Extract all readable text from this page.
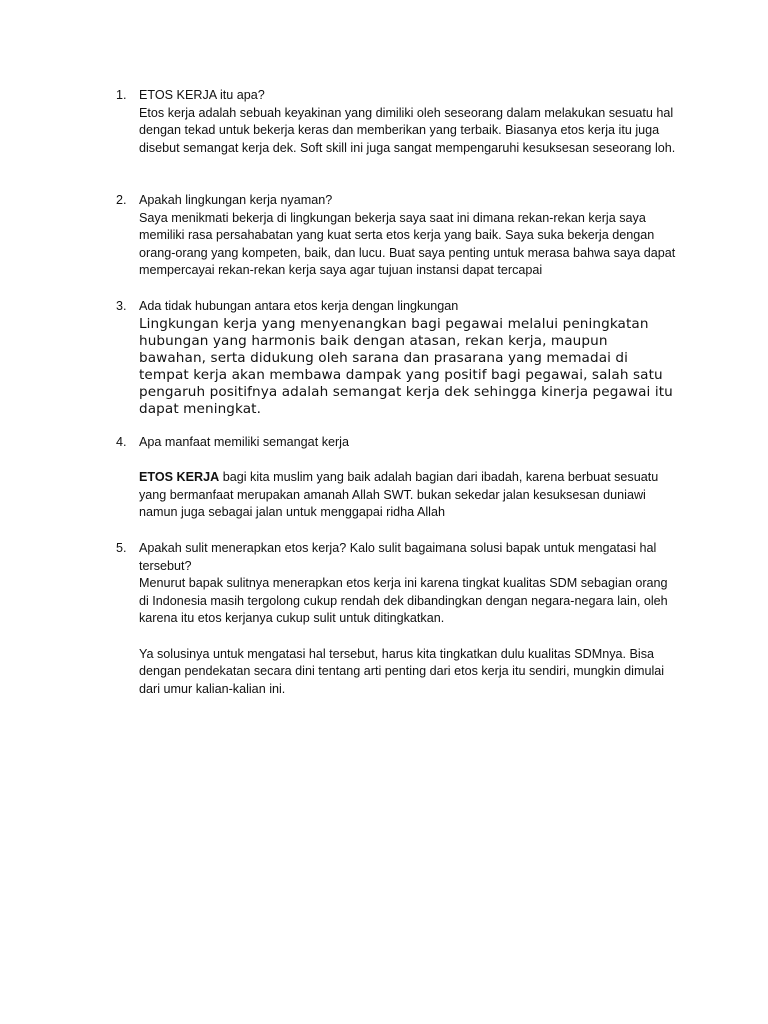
1. ETOS KERJA itu apa?

Etos kerja adalah sebuah keyakinan yang dimiliki oleh seseorang dalam melakukan sesuatu hal dengan tekad untuk bekerja keras dan memberikan yang terbaik. Biasanya etos kerja itu juga disebut semangat kerja dek. Soft skill ini juga sangat mempengaruhi kesuksesan seseorang loh.

2. Apakah lingkungan kerja nyaman?

Saya menikmati bekerja di lingkungan bekerja saya saat ini dimana rekan-rekan kerja saya memiliki rasa persahabatan yang kuat serta etos kerja yang baik. Saya suka bekerja dengan orang-orang yang kompeten, baik, dan lucu. Buat saya penting untuk merasa bahwa saya dapat mempercayai rekan-rekan kerja saya agar tujuan instansi dapat tercapai

3. Ada tidak hubungan antara etos kerja dengan lingkungan

Lingkungan kerja yang menyenangkan bagi pegawai melalui peningkatan hubungan yang harmonis baik dengan atasan, rekan kerja, maupun bawahan, serta didukung oleh sarana dan prasarana yang memadai di tempat kerja akan membawa dampak yang positif bagi pegawai, salah satu pengaruh positifnya adalah semangat kerja dek sehingga kinerja pegawai itu dapat meningkat.

4. Apa manfaat memiliki semangat kerja

ETOS KERJA bagi kita muslim yang baik adalah bagian dari ibadah, karena berbuat sesuatu yang bermanfaat merupakan amanah Allah SWT. bukan sekedar jalan kesuksesan duniawi namun juga sebagai jalan untuk menggapai ridha Allah

5. Apakah sulit menerapkan etos kerja? Kalo sulit bagaimana solusi bapak untuk mengatasi hal tersebut?

Menurut bapak sulitnya menerapkan etos kerja ini karena tingkat kualitas SDM sebagian orang di Indonesia masih tergolong cukup rendah dek dibandingkan dengan negara-negara lain, oleh karena itu etos kerjanya cukup sulit untuk ditingkatkan.

Ya solusinya untuk mengatasi hal tersebut, harus kita tingkatkan dulu kualitas SDMnya. Bisa dengan pendekatan secara dini tentang arti penting dari etos kerja itu sendiri, mungkin dimulai dari umur kalian-kalian ini.
